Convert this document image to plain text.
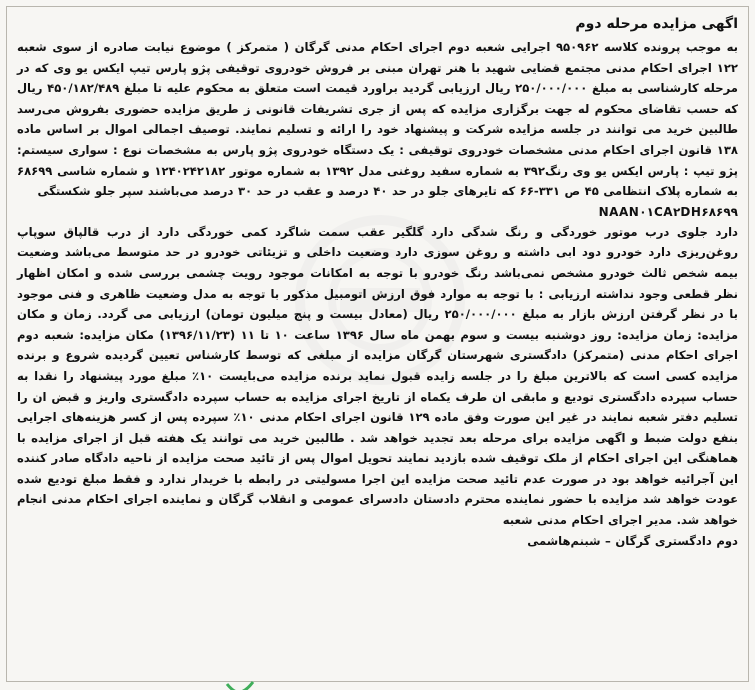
اگهی مزایده مرحله دوم

به موجب پرونده کلاسه ۹۵۰۹۶۲ اجرایی شعبه دوم اجرای احکام مدنی گرگان ( متمرکز ) موضوع نیابت صادره از سوی شعبه ۱۲۲ اجرای احکام مدنی مجتمع قضایی شهید با هنر تهران مبنی بر فروش خودروی توقیفی پژو پارس تیپ ایکس یو وی که در مرحله کارشناسی به مبلغ ۲۵۰/۰۰۰/۰۰۰ ریال ارزیابی گردید براورد قیمت است متعلق به محکوم علیه تا مبلغ ۴۵۰/۱۸۲/۴۸۹ ریال که حسب تقاضای محکوم له جهت برگزاری مزایده که پس از جری تشریفات قانونی ز طریق مزایده حضوری بفروش می‌رسد طالبین خرید می توانند در جلسه مزایده شرکت و پیشنهاد خود را ارائه و تسلیم نمایند. توصیف اجمالی اموال بر اساس ماده ۱۳۸ قانون اجرای احکام مدنی مشخصات خودروی توقیفی : یک دستگاه خودروی پژو پارس به مشخصات نوع : سواری سیستم: پژو تیپ : پارس ایکس یو وی رنگ۳۹۲ به شماره سفید روغنی مدل ۱۳۹۲ به شماره موتور ۱۲۴۰۲۴۲۱۸۲ و شماره شاسی ۶۸۶۹۹ به شماره پلاک انتظامی ۴۵ ص ۳۳۱-۶۶ که تایرهای جلو در حد ۴۰ درصد و عقب در حد ۳۰ درصد می‌باشند سپر جلو شکستگی
NAAN۰۱CA۲DH۶۸۶۹۹
دارد جلوی درب موتور خوردگی و رنگ شدگی دارد گلگیر عقب سمت شاگرد کمی خوردگی دارد از درب قالپاق سوپاپ روغن‌ریزی دارد خودرو دود ابی داشته و روغن سوزی دارد وضعیت داخلی و تزیئاتی خودرو در حد متوسط می‌باشد وضعیت بیمه شخص ثالث خودرو مشخص نمی‌باشد رنگ خودرو با توجه به امکانات موجود رویت چشمی بررسی شده و امکان اظهار نظر قطعی وجود نداشته ارزیابی : با توجه به موارد فوق ارزش اتومبیل مذکور با توجه به مدل وضعیت ظاهری و فنی موجود با در نظر گرفتن ارزش بازار به مبلغ ۲۵۰/۰۰۰/۰۰۰ ریال (معادل بیست و پنج میلیون تومان) ارزیابی می گردد. زمان و مکان مزایده: زمان مزایده: روز دوشنبه بیست و سوم بهمن ماه سال ۱۳۹۶ ساعت ۱۰ تا ۱۱ (۱۳۹۶/۱۱/۲۳) مکان مزایده: شعبه دوم اجرای احکام مدنی (متمرکز) دادگستری شهرستان گرگان مزایده از مبلغی که توسط کارشناس تعیین گردیده شروع و برنده مزایده کسی است که بالاترین مبلغ را در جلسه زایده قبول نماید برنده مزایده می‌بایست ۱۰٪ مبلغ مورد پیشنهاد را نقدا به حساب سپرده دادگستری تودیع و مابقی ان طرف یکماه از تاریخ اجرای مزایده به حساب سپرده دادگستری واریز و قبض ان را تسلیم دفتر شعبه نمایند در غیر این صورت وفق ماده ۱۲۹ قانون اجرای احکام مدنی ۱۰٪ سپرده پس از کسر هزینه‌های اجرایی بنفع دولت ضبط و اگهی مزایده برای مرحله بعد تجدید خواهد شد . طالبین خرید می توانند یک هفته قبل از اجرای مزایده با هماهنگی این اجرای احکام از ملک توقیف شده بازدید نمایند تحویل اموال پس از تائید صحت مزایده از ناحیه دادگاه صادر کننده این آجرائیه خواهد بود در صورت عدم تائید صحت مزایده این اجرا مسولیتی در رابطه با خریدار ندارد و فقط مبلغ تودیع شده عودت خواهد شد مزایده با حضور نماینده محترم دادستان دادسرای عمومی و انقلاب گرگان و نماینده اجرای احکام مدنی انجام خواهد شد. مدیر اجرای احکام مدنی شعبه
دوم دادگستری گرگان – شبنم‌هاشمی
